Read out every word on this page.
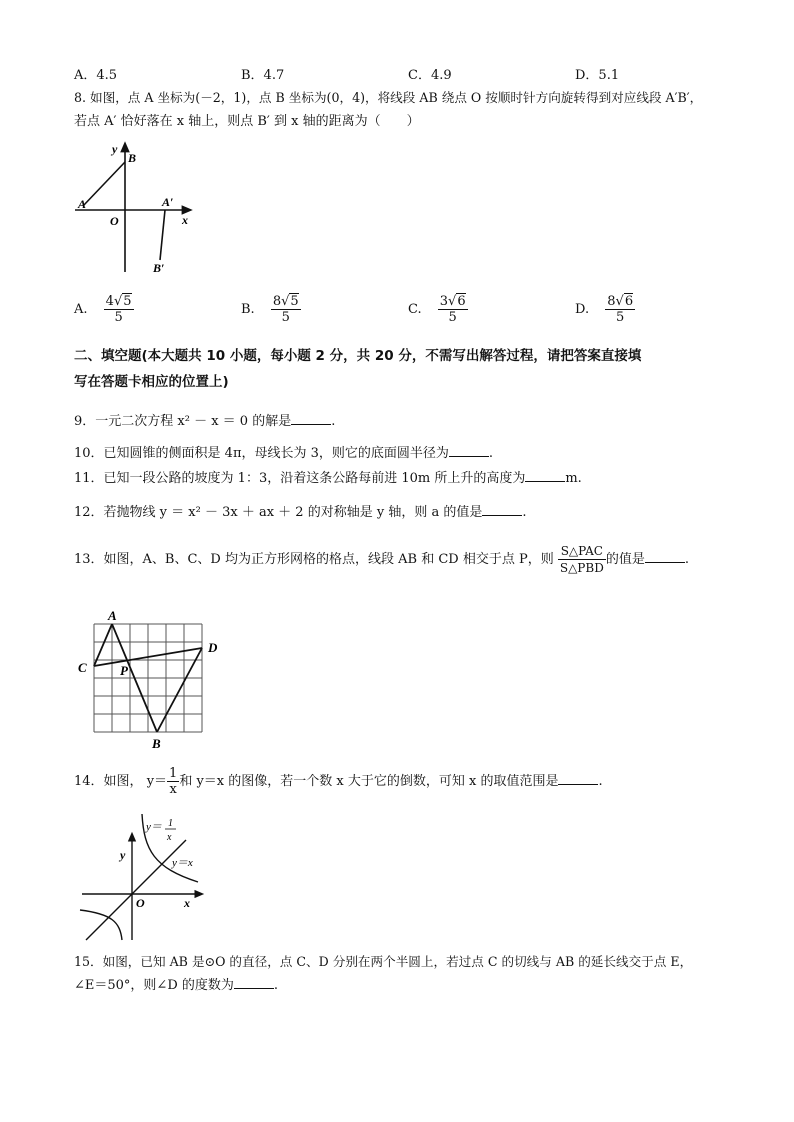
A．4.5	B．4.7	C．4.9	D．5.1
8. 如图，点 A 坐标为(－2，1)，点 B 坐标为(0，4)，将线段 AB 绕点 O 按顺时针方向旋转得到对应线段 A′B′，
若点 A′ 恰好落在 x 轴上，则点 B′ 到 x 轴的距离为（　　）
y
B
A
O
A′
x
B′
A. $\frac{4√5}{5}$	B. $\frac{8√5}{5}$	C. $\frac{3√6}{5}$	D. $\frac{8√6}{5}$
二、填空题(本大题共 10 小题，每小题 2 分，共 20 分，不需写出解答过程，请把答案直接填
写在答题卡相应的位置上)
9．一元二次方程 x² － x ＝ 0 的解是	.
10．已知圆锥的侧面积是 4π，母线长为 3，则它的底面圆半径为	.
11．已知一段公路的坡度为 1：3，沿着这条公路每前进 10m 所上升的高度为	m.
12．若抛物线 y ＝ x² － 3x ＋ ax ＋ 2 的对称轴是 y 轴，则 a 的值是	.
13．如图，A、B、C、D 均为正方形网格的格点，线段 AB 和 CD 相交于点 P，则 $\frac{\text{S△PAC}}{\text{S△PBD}}$ 的值是	.
A
C	P
D
B
14．如图， $y= \frac{1}{x}$ 和 y＝x 的图像，若一个数 x 大于它的倒数，可知 x 的取值范围是	.
y
O	x
y＝ 1
x
y＝x
15．如图，已知 AB 是⊙O 的直径，点 C、D 分别在两个半圆上，若过点 C 的切线与 AB 的延长线交于点 E，
∠E＝50°，则∠D 的度数为	.
